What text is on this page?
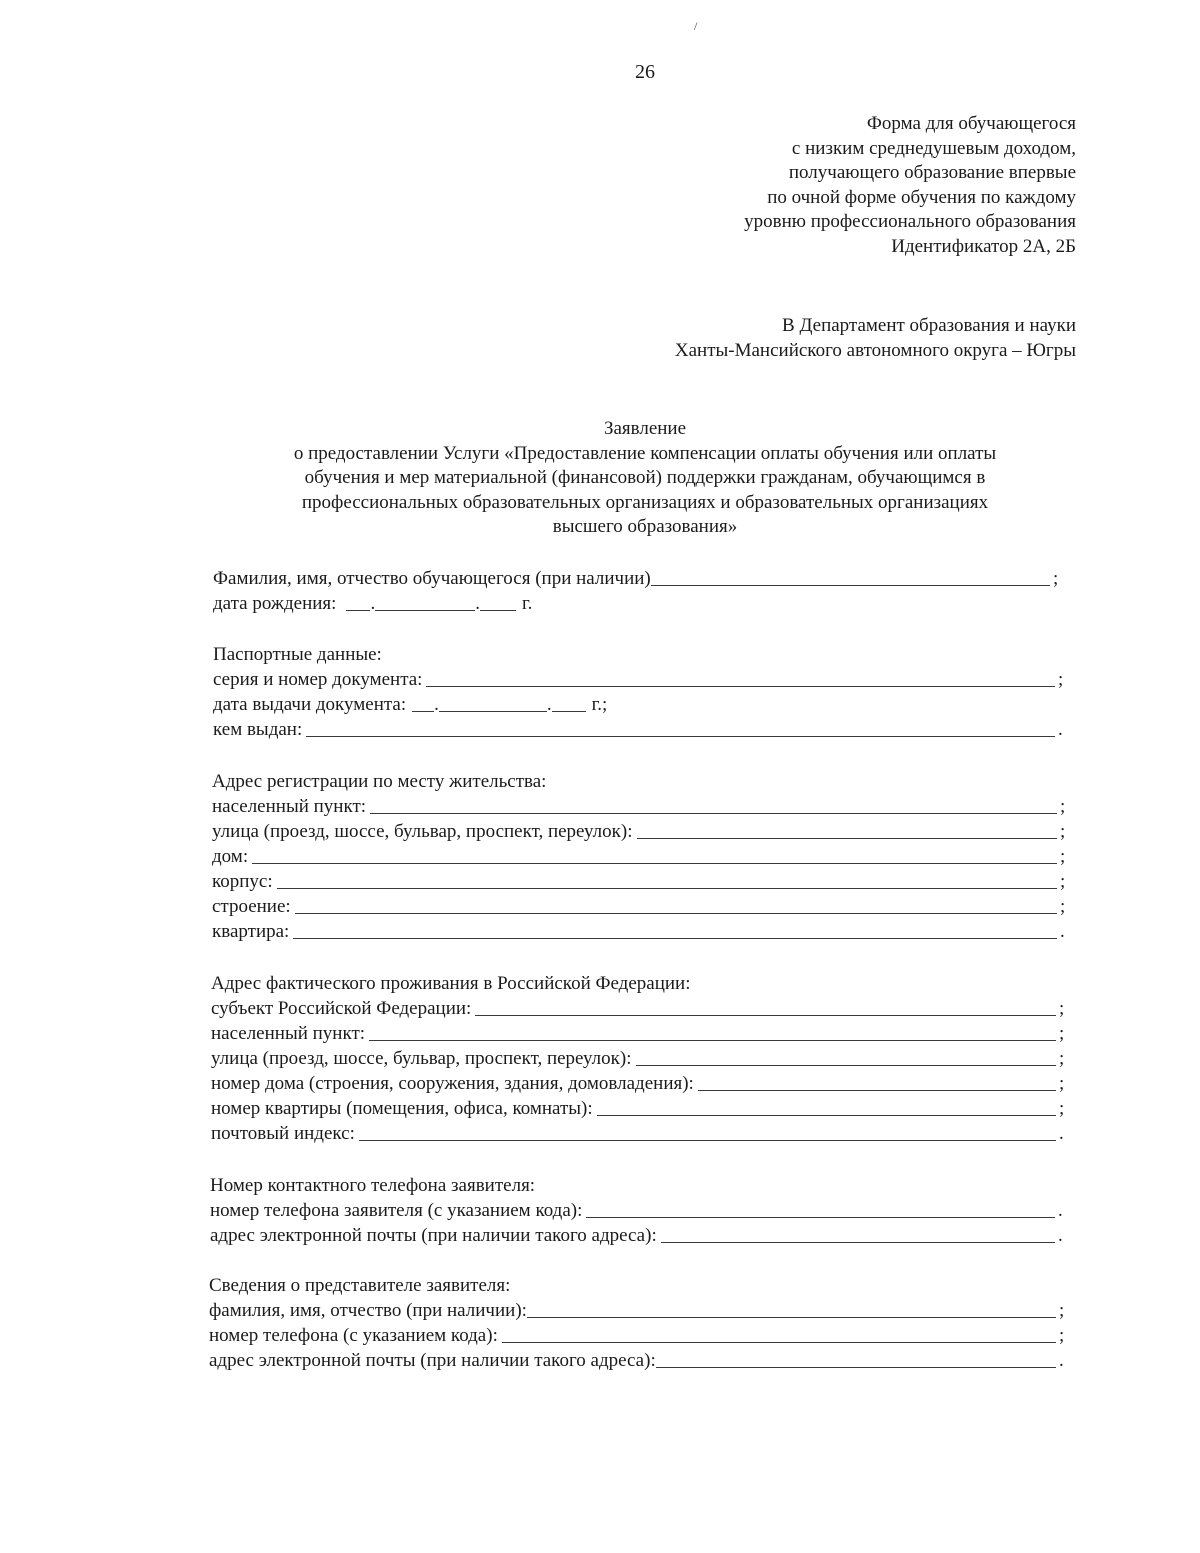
/
26
Форма для обучающегося
с низким среднедушевым доходом,
получающего образование впервые
по очной форме обучения по каждому
уровню профессионального образования
Идентификатор 2А, 2Б
В Департамент образования и науки
Ханты-Мансийского автономного округа – Югры
Заявление
о предоставлении Услуги «Предоставление компенсации оплаты обучения или оплаты
обучения и мер материальной (финансовой) поддержки гражданам, обучающимся в
профессиональных образовательных организациях и образовательных организациях
высшего образования»
Фамилия, имя, отчество обучающегося (при наличии)	;
дата рождения: .	. г.
Паспортные данные:
серия и номер документа:	;
дата выдачи документа: .	. г.;
кем выдан:	.
Адрес регистрации по месту жительства:
населенный пункт:	;
улица (проезд, шоссе, бульвар, проспект, переулок):	;
дом:	;
корпус:	;
строение:	;
квартира:	.
Адрес фактического проживания в Российской Федерации:
субъект Российской Федерации:	;
населенный пункт:	;
улица (проезд, шоссе, бульвар, проспект, переулок):	;
номер дома (строения, сооружения, здания, домовладения):	;
номер квартиры (помещения, офиса, комнаты):	;
почтовый индекс:	.
Номер контактного телефона заявителя:
номер телефона заявителя (с указанием кода):	.
адрес электронной почты (при наличии такого адреса):	.
Сведения о представителе заявителя:
фамилия, имя, отчество (при наличии):	;
номер телефона (с указанием кода):	;
адрес электронной почты (при наличии такого адреса):	.
